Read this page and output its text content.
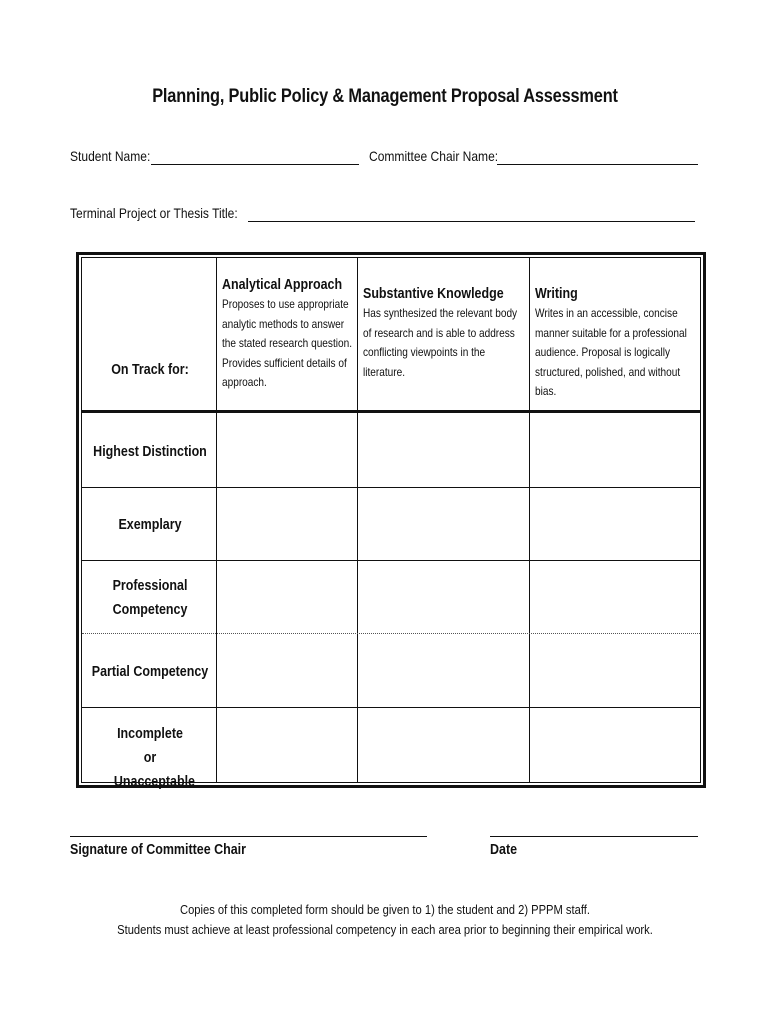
Planning, Public Policy & Management Proposal Assessment
Student Name:	Committee Chair Name:
Terminal Project or Thesis Title:
On Track for:
Analytical Approach
Proposes to use appropriate analytic methods to answer the stated research question. Provides sufficient details of approach.
Substantive Knowledge
Has synthesized the relevant body of research and is able to address conflicting viewpoints in the literature.
Writing
Writes in an accessible, concise manner suitable for a professional audience. Proposal is logically structured, polished, and without bias.
Highest Distinction
Exemplary
Professional Competency
Partial Competency
Incomplete or Unacceptable
Signature of Committee Chair	Date
Copies of this completed form should be given to 1) the student and 2) PPPM staff.
Students must achieve at least professional competency in each area prior to beginning their empirical work.
